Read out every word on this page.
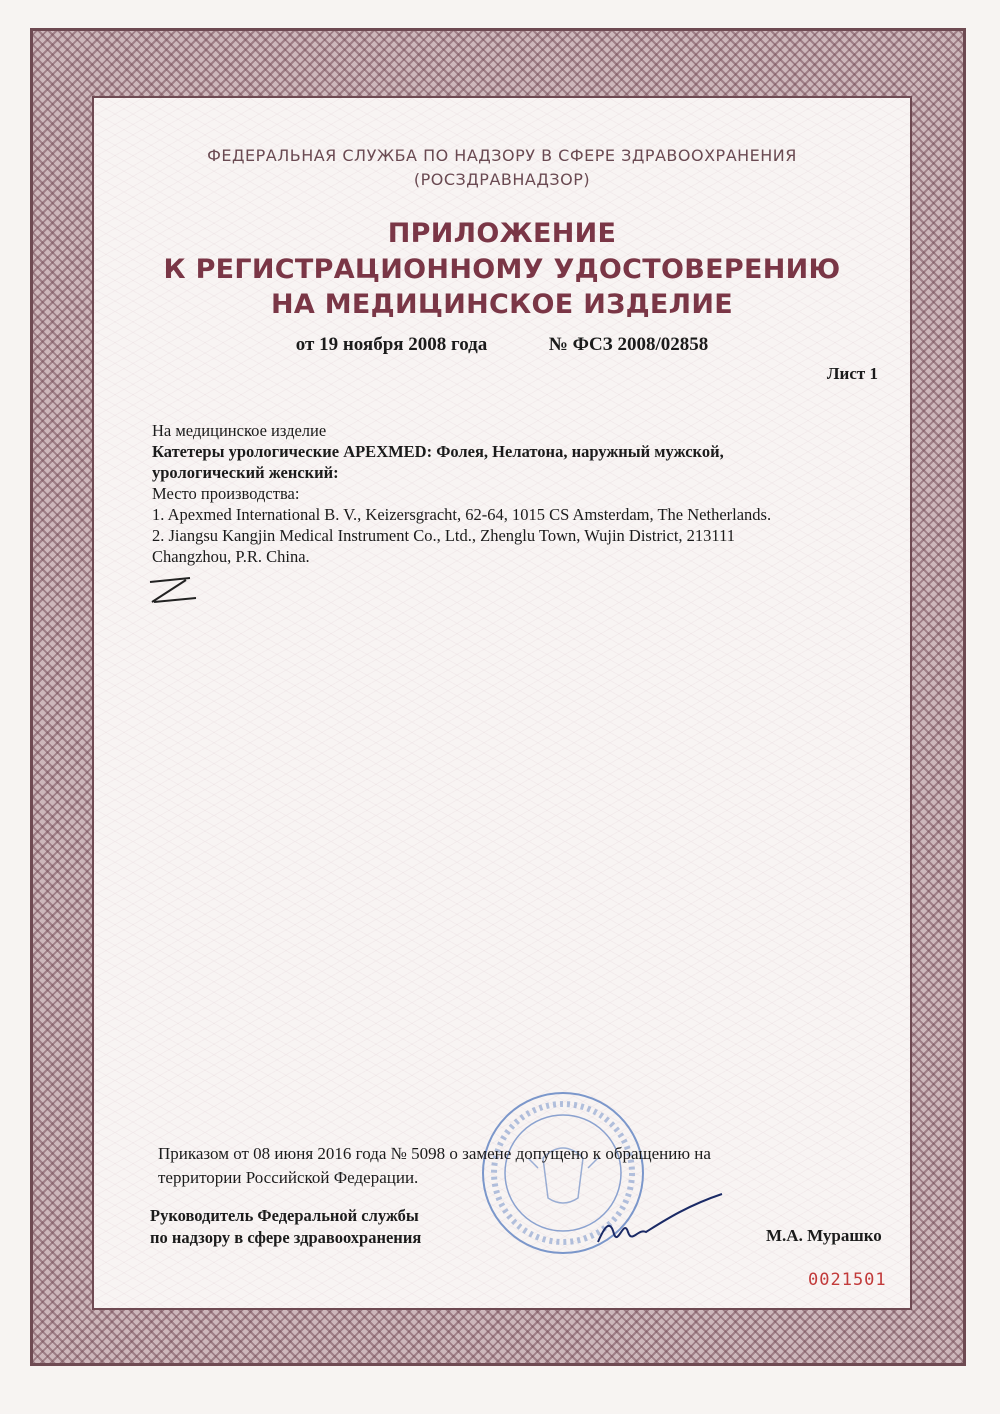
ФЕДЕРАЛЬНАЯ СЛУЖБА ПО НАДЗОРУ В СФЕРЕ ЗДРАВООХРАНЕНИЯ
(РОСЗДРАВНАДЗОР)
ПРИЛОЖЕНИЕ
К РЕГИСТРАЦИОННОМУ УДОСТОВЕРЕНИЮ
НА МЕДИЦИНСКОЕ ИЗДЕЛИЕ
от 19 ноября 2008 года	№ ФСЗ 2008/02858
Лист 1
На медицинское изделие
Катетеры урологические APEXMED: Фолея, Нелатона, наружный мужской,
урологический женский:
Место производства:
1. Apexmed International B. V., Keizersgracht, 62-64, 1015 CS Amsterdam, The Netherlands.
2. Jiangsu Kangjin Medical Instrument Co., Ltd., Zhenglu Town, Wujin District, 213111
Changzhou, P.R. China.
Приказом от 08 июня 2016 года № 5098 о замене допущено к обращению на
территории Российской Федерации.
Руководитель Федеральной службы
по надзору в сфере здравоохранения	М.А. Мурашко
0021501
